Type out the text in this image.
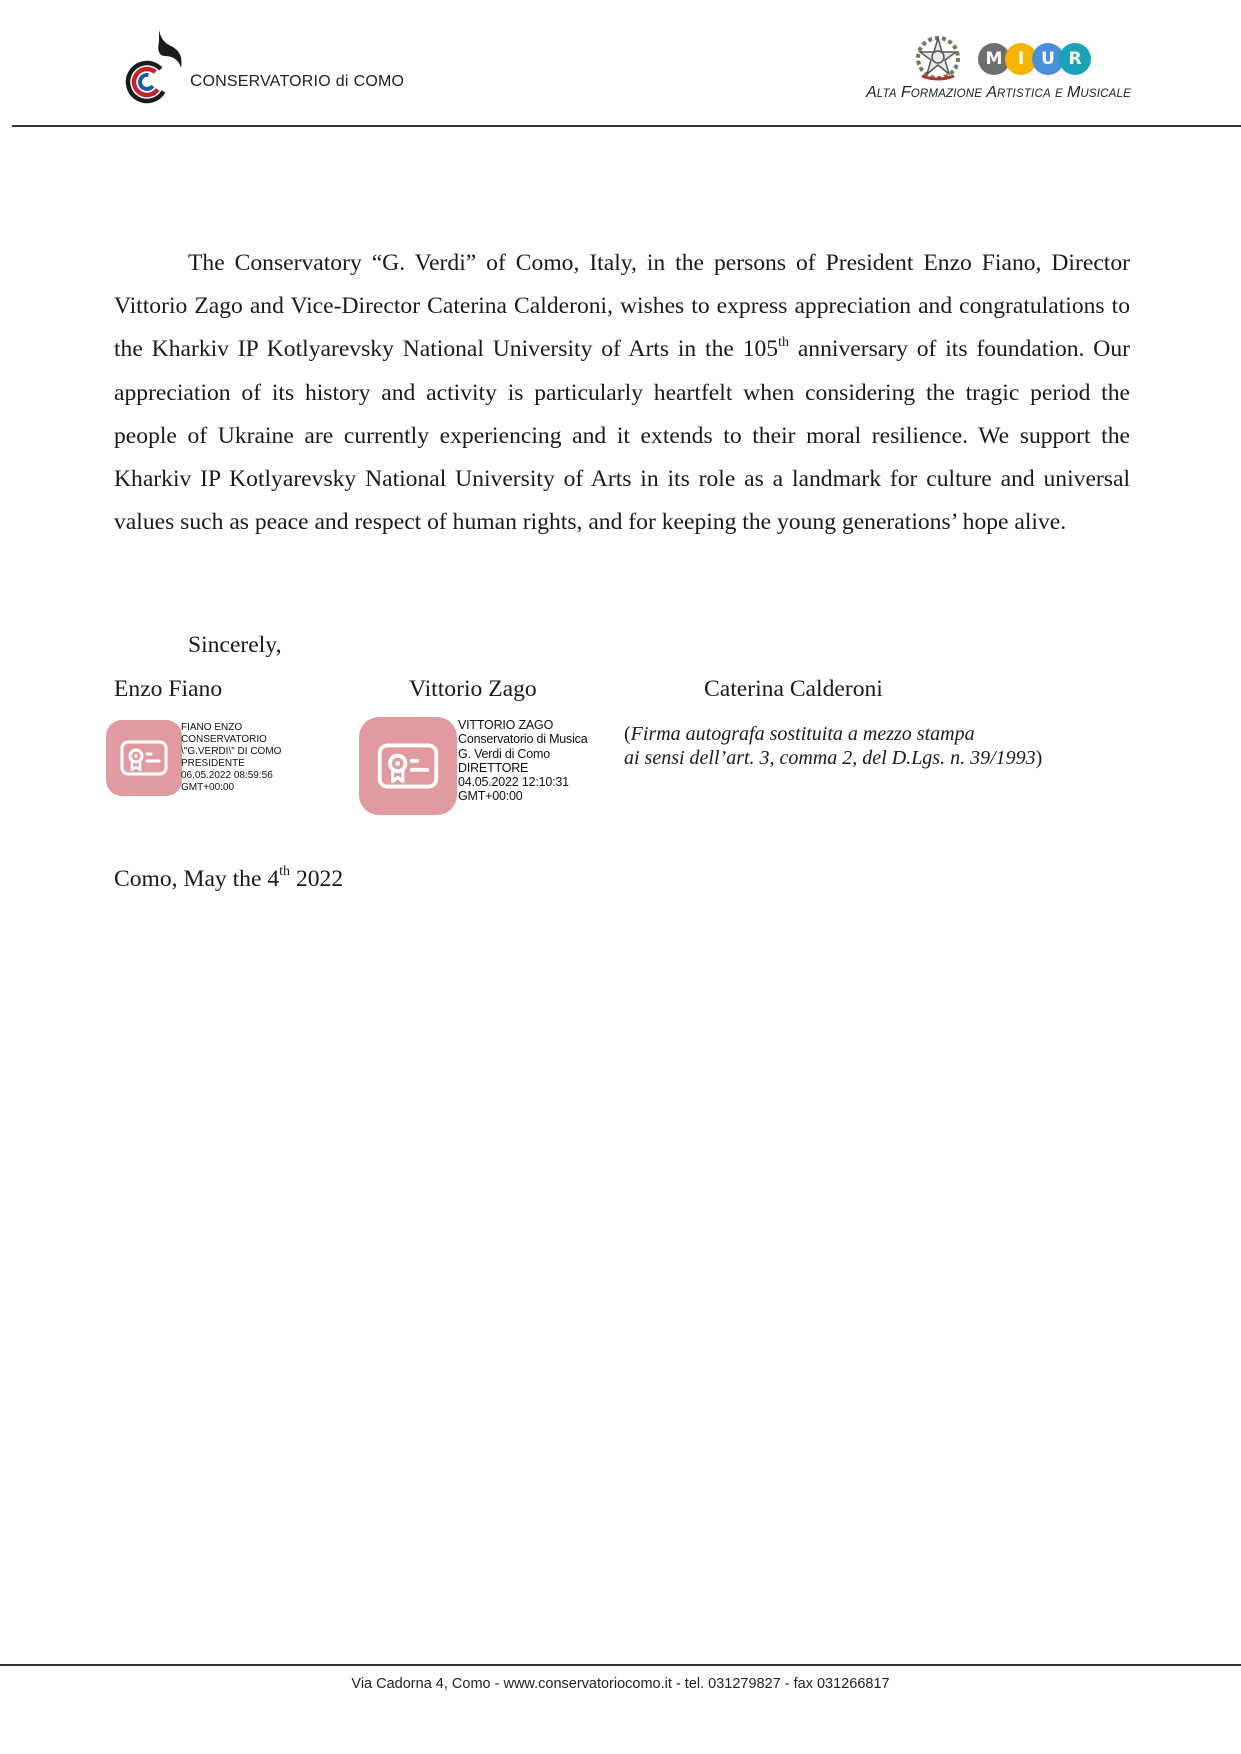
CONSERVATORIO di COMO
M I U R
ALTA FORMAZIONE ARTISTICA E MUSICALE

The Conservatory “G. Verdi” of Como, Italy, in the persons of President Enzo Fiano, Director Vittorio Zago and Vice-Director Caterina Calderoni, wishes to express appreciation and congratulations to the Kharkiv IP Kotlyarevsky National University of Arts in the 105th anniversary of its foundation. Our appreciation of its history and activity is particularly heartfelt when considering the tragic period the people of Ukraine are currently experiencing and it extends to their moral resilience. We support the Kharkiv IP Kotlyarevsky National University of Arts in its role as a landmark for culture and universal values such as peace and respect of human rights, and for keeping the young generations’ hope alive.

Sincerely,
Enzo Fiano	Vittorio Zago	Caterina Calderoni
FIANO ENZO
CONSERVATORIO
\"G.VERDI\" DI COMO
PRESIDENTE
06.05.2022 08:59:56
GMT+00:00
VITTORIO ZAGO
Conservatorio di Musica
G. Verdi di Como
DIRETTORE
04.05.2022 12:10:31
GMT+00:00
(Firma autografa sostituita a mezzo stampa
ai sensi dell’art. 3, comma 2, del D.Lgs. n. 39/1993)
Como, May the 4th 2022
Via Cadorna 4, Como - www.conservatoriocomo.it - tel. 031279827 - fax 031266817
